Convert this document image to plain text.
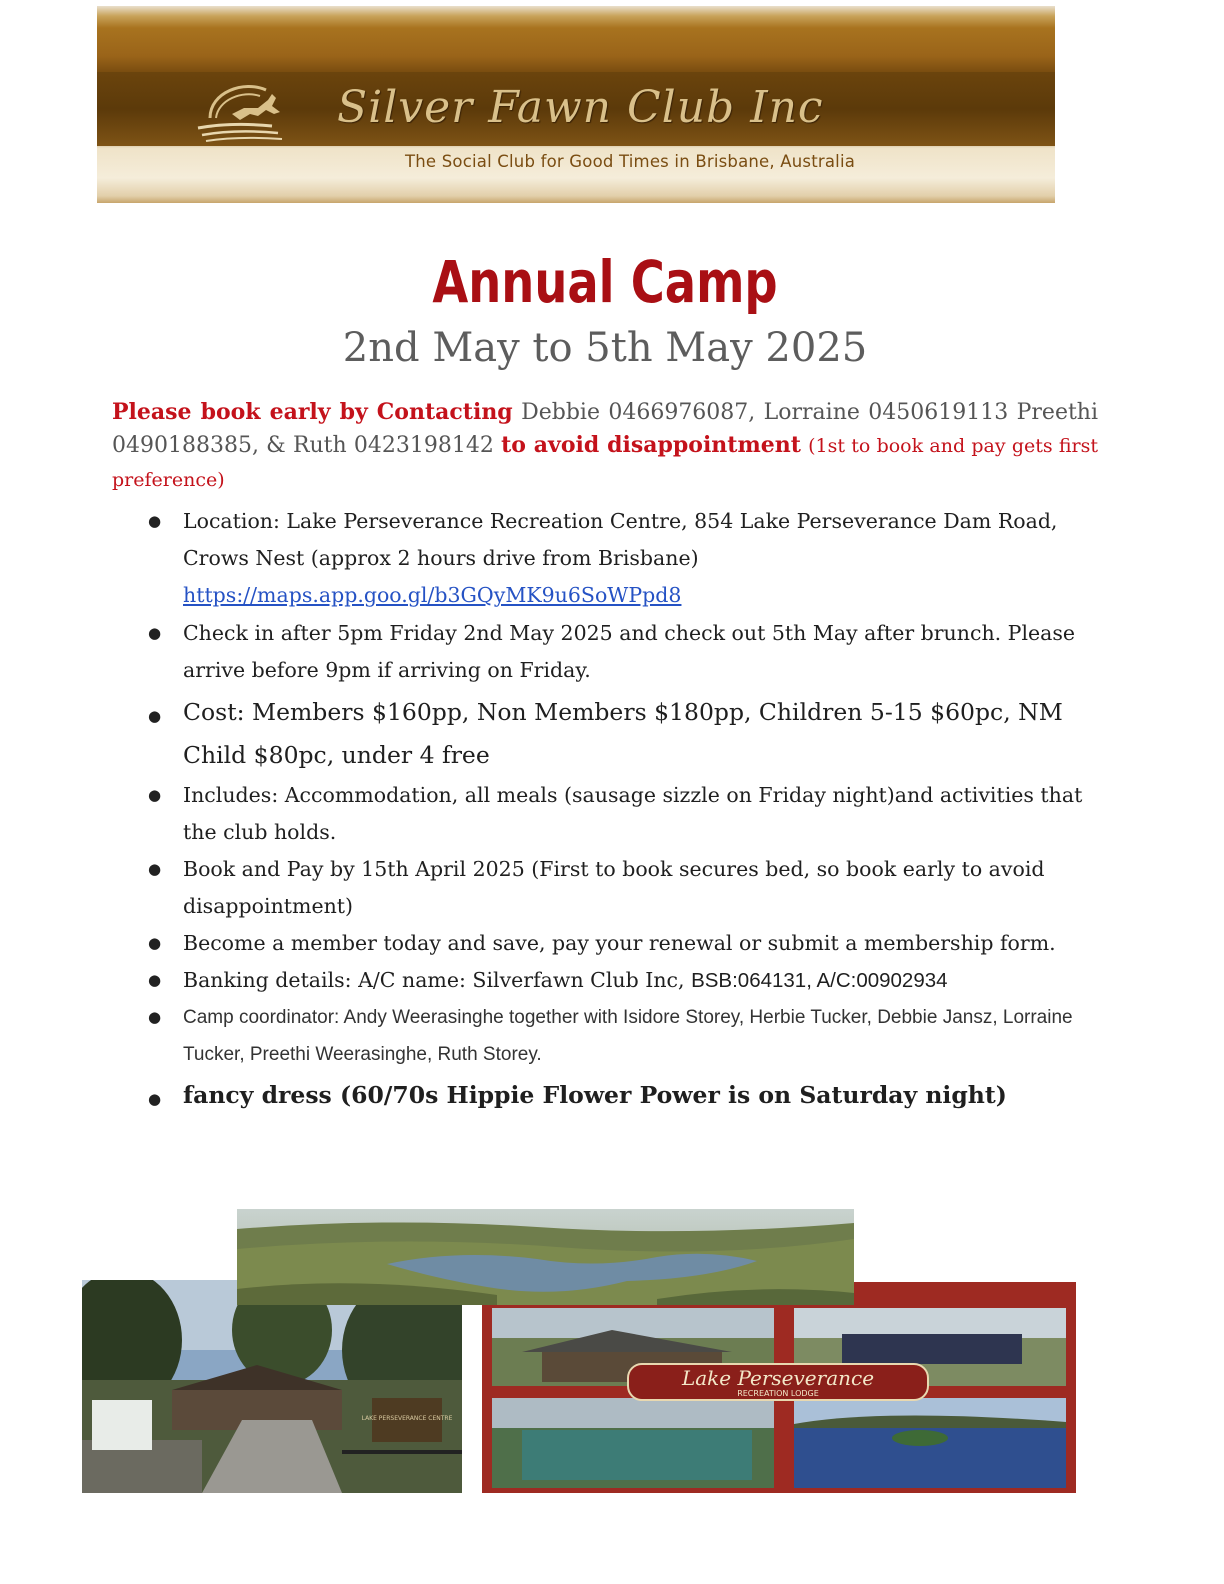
Silver Fawn Club Inc
The Social Club for Good Times in Brisbane, Australia
Annual Camp
2nd May to 5th May 2025
Please book early by Contacting Debbie 0466976087, Lorraine 0450619113 Preethi 0490188385, & Ruth 0423198142 to avoid disappointment (1st to book and pay gets first preference)
● Location: Lake Perseverance Recreation Centre, 854 Lake Perseverance Dam Road, Crows Nest (approx 2 hours drive from Brisbane)
https://maps.app.goo.gl/b3GQyMK9u6SoWPpd8
● Check in after 5pm Friday 2nd May 2025 and check out 5th May after brunch. Please arrive before 9pm if arriving on Friday.
● Cost: Members $160pp, Non Members $180pp, Children 5-15 $60pc, NM Child $80pc, under 4 free
● Includes: Accommodation, all meals (sausage sizzle on Friday night)and activities that the club holds.
● Book and Pay by 15th April 2025 (First to book secures bed, so book early to avoid disappointment)
● Become a member today and save, pay your renewal or submit a membership form.
● Banking details: A/C name: Silverfawn Club Inc, BSB:064131, A/C:00902934
● Camp coordinator: Andy Weerasinghe together with Isidore Storey, Herbie Tucker, Debbie Jansz, Lorraine Tucker, Preethi Weerasinghe, Ruth Storey.
● fancy dress (60/70s Hippie Flower Power is on Saturday night)
LAKE PERSEVERANCE CENTRE
Lake Perseverance
RECREATION LODGE
